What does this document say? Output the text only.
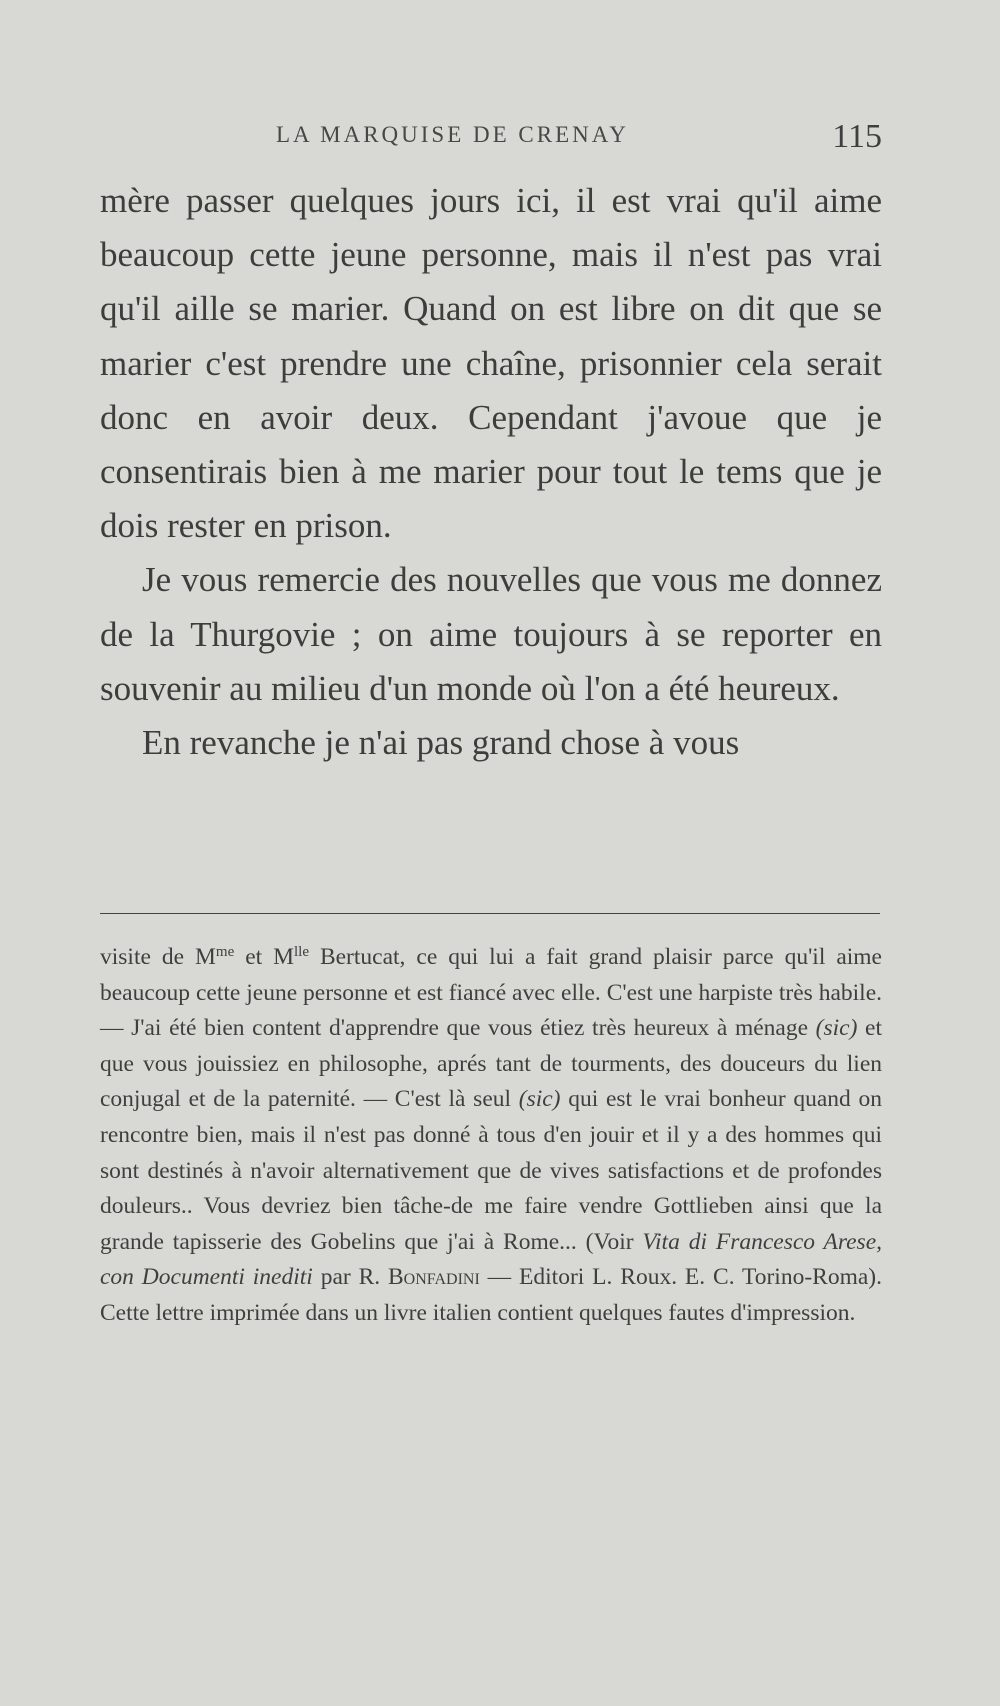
LA MARQUISE DE CRENAY	115

mère passer quelques jours ici, il est vrai qu'il aime beaucoup cette jeune personne, mais il n'est pas vrai qu'il aille se marier. Quand on est libre on dit que se marier c'est prendre une chaîne, prisonnier cela serait donc en avoir deux. Cependant j'avoue que je consentirais bien à me marier pour tout le tems que je dois rester en prison.

Je vous remercie des nouvelles que vous me donnez de la Thurgovie ; on aime toujours à se reporter en souvenir au milieu d'un monde où l'on a été heureux.

En revanche je n'ai pas grand chose à vous

visite de $M^{me}$ et $M^{lle}$ Bertucat, ce qui lui a fait grand plaisir parce qu'il aime beaucoup cette jeune personne et est fiancé avec elle. C'est une harpiste très habile. — J'ai été bien content d'apprendre que vous étiez très heureux à ménage (sic) et que vous jouissiez en philosophe, aprés tant de tourments, des douceurs du lien conjugal et de la paternité. — C'est là seul (sic) qui est le vrai bonheur quand on rencontre bien, mais il n'est pas donné à tous d'en jouir et il y a des hommes qui sont destinés à n'avoir alternativement que de vives satisfactions et de profondes douleurs.. Vous devriez bien tâche-de me faire vendre Gottlieben ainsi que la grande tapisserie des Gobelins que j'ai à Rome... (Voir Vita di Francesco Arese, con Documenti inediti par R. Bonfadini — Editori L. Roux. E. C. Torino-Roma). Cette lettre imprimée dans un livre italien contient quelques fautes d'impression.
